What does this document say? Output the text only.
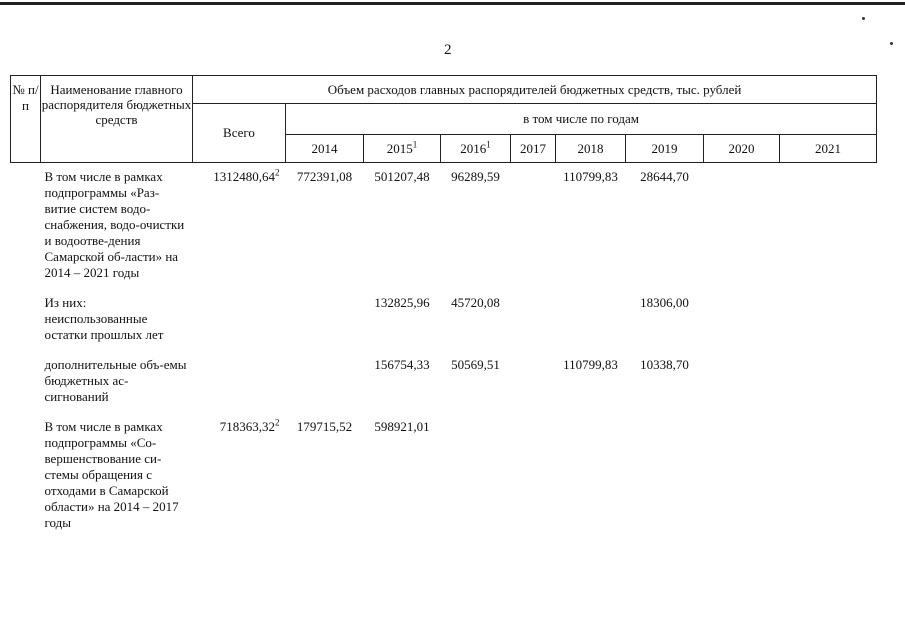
2
№ п/п	Наименование главного распорядителя бюджетных средств	Объем расходов главных распорядителей бюджетных средств, тыс. рублей								
		Всего	в том числе по годам							
			2014	2015$^1$	2016$^1$	2017	2018	2019	2020	2021

	В том числе в рамках подпрограммы «Раз-витие систем водо-снабжения, водо-очистки и водоотве-дения Самарской об-ласти» на 2014 – 2021 годы	1312480,64$^2$	772391,08	501207,48	96289,59		110799,83	28644,70		

	Из них: неиспользованные остатки прошлых лет			132825,96	45720,08			18306,00		

	дополнительные объ-емы бюджетных ас-сигнований			156754,33	50569,51		110799,83	10338,70		

	В том числе в рамках подпрограммы «Со-вершенствование си-стемы обращения с отходами в Самарской области» на 2014 – 2017 годы	718363,32$^2$	179715,52	598921,01						
